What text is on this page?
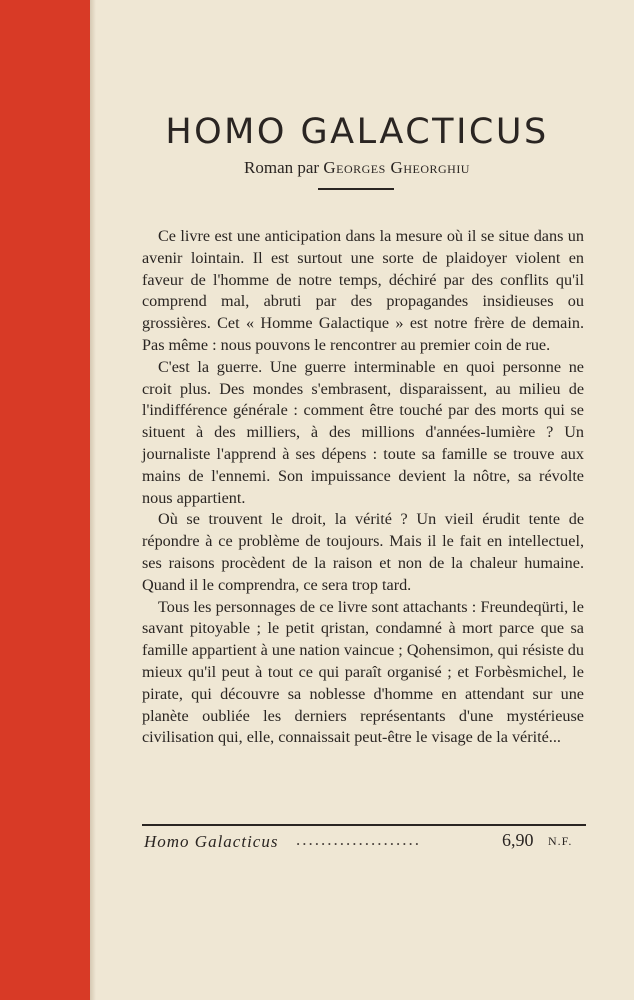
HOMO GALACTICUS
Roman par Georges Gheorghiu

Ce livre est une anticipation dans la mesure où il se situe dans un avenir lointain. Il est surtout une sorte de plaidoyer violent en faveur de l'homme de notre temps, déchiré par des conflits qu'il comprend mal, abruti par des propagandes insidieuses ou grossières. Cet « Homme Galactique » est notre frère de demain. Pas même : nous pouvons le rencontrer au premier coin de rue.

C'est la guerre. Une guerre interminable en quoi personne ne croit plus. Des mondes s'embrasent, disparaissent, au milieu de l'indifférence générale : comment être touché par des morts qui se situent à des milliers, à des millions d'années-lumière ? Un journaliste l'apprend à ses dépens : toute sa famille se trouve aux mains de l'ennemi. Son impuissance devient la nôtre, sa révolte nous appartient.

Où se trouvent le droit, la vérité ? Un vieil érudit tente de répondre à ce problème de toujours. Mais il le fait en intellectuel, ses raisons procèdent de la raison et non de la chaleur humaine. Quand il le comprendra, ce sera trop tard.

Tous les personnages de ce livre sont attachants : Freundeqürti, le savant pitoyable ; le petit qristan, condamné à mort parce que sa famille appartient à une nation vaincue ; Qohensimon, qui résiste du mieux qu'il peut à tout ce qui paraît organisé ; et Forbèsmichel, le pirate, qui découvre sa noblesse d'homme en attendant sur une planète oubliée les derniers représentants d'une mystérieuse civilisation qui, elle, connaissait peut-être le visage de la vérité...

Homo Galacticus ....................	6,90 N.F.
